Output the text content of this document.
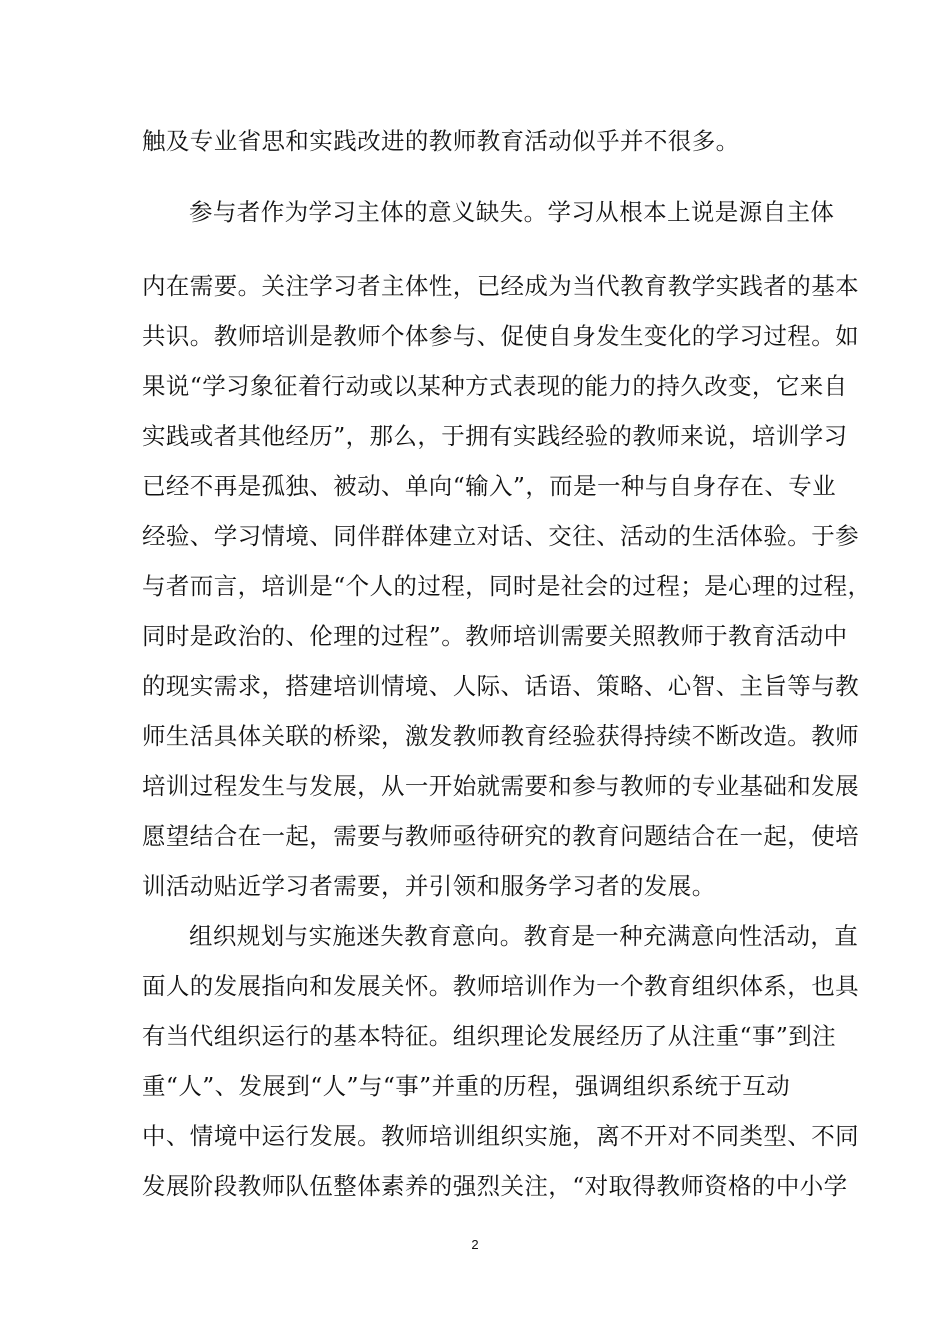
触及专业省思和实践改进的教师教育活动似乎并不很多。
参与者作为学习主体的意义缺失。学习从根本上说是源自主体
内在需要。关注学习者主体性，已经成为当代教育教学实践者的基本
共识。教师培训是教师个体参与、促使自身发生变化的学习过程。如
果说“学习象征着行动或以某种方式表现的能力的持久改变，它来自
实践或者其他经历”，那么，于拥有实践经验的教师来说，培训学习
已经不再是孤独、被动、单向“输入”，而是一种与自身存在、专业
经验、学习情境、同伴群体建立对话、交往、活动的生活体验。于参
与者而言，培训是“个人的过程，同时是社会的过程；是心理的过程，
同时是政治的、伦理的过程”。教师培训需要关照教师于教育活动中
的现实需求，搭建培训情境、人际、话语、策略、心智、主旨等与教
师生活具体关联的桥梁，激发教师教育经验获得持续不断改造。教师
培训过程发生与发展，从一开始就需要和参与教师的专业基础和发展
愿望结合在一起，需要与教师亟待研究的教育问题结合在一起，使培
训活动贴近学习者需要，并引领和服务学习者的发展。
组织规划与实施迷失教育意向。教育是一种充满意向性活动，直
面人的发展指向和发展关怀。教师培训作为一个教育组织体系，也具
有当代组织运行的基本特征。组织理论发展经历了从注重“事”到注
重“人”、发展到“人”与“事”并重的历程，强调组织系统于互动
中、情境中运行发展。教师培训组织实施，离不开对不同类型、不同
发展阶段教师队伍整体素养的强烈关注，“对取得教师资格的中小学
2
